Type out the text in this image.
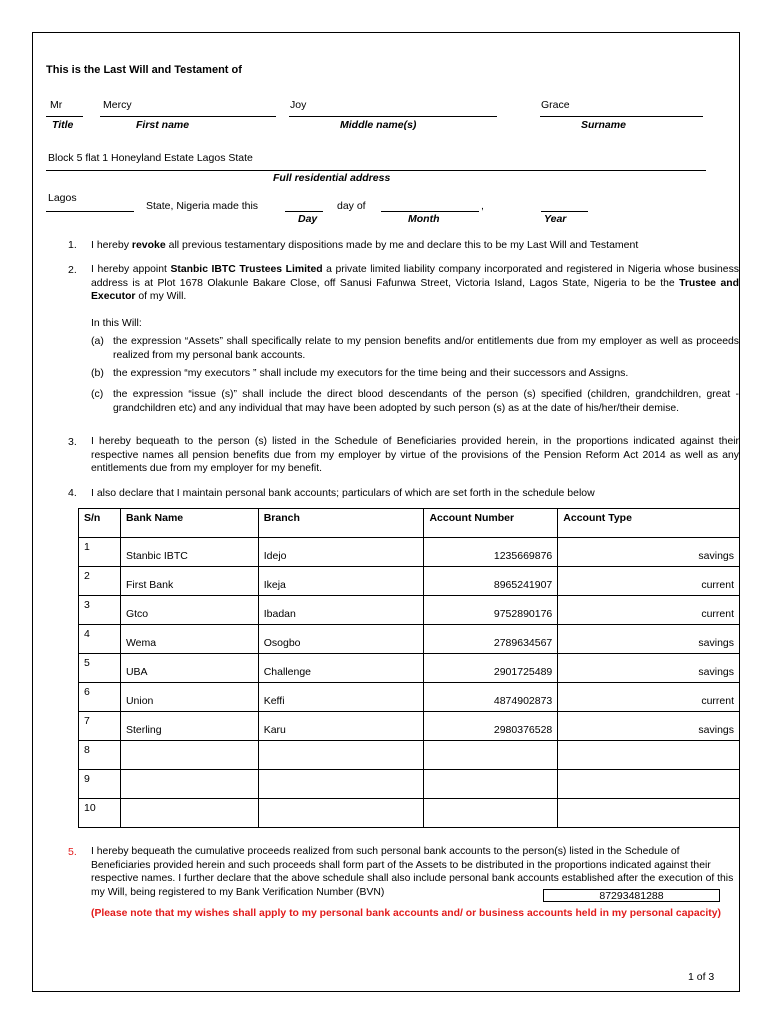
This is the Last Will and Testament of
Mr	Mercy	Joy	Grace
Title	First name	Middle name(s)	Surname
Block 5 flat 1 Honeyland Estate Lagos State
Full residential address
Lagos
State, Nigeria made this	day of	,
Day	Month	Year
1. I hereby revoke all previous testamentary dispositions made by me and declare this to be my Last Will and Testament
2. I hereby appoint Stanbic IBTC Trustees Limited a private limited liability company incorporated and registered in Nigeria whose business address is at Plot 1678 Olakunle Bakare Close, off Sanusi Fafunwa Street, Victoria Island, Lagos State, Nigeria to be the Trustee and Executor of my Will.
In this Will:
(a) the expression “Assets” shall specifically relate to my pension benefits and/or entitlements due from my employer as well as proceeds realized from my personal bank accounts.
(b) the expression “my executors ” shall include my executors for the time being and their successors and Assigns.
(c) the expression “issue (s)” shall include the direct blood descendants of the person (s) specified (children, grandchildren, great - grandchildren etc) and any individual that may have been adopted by such person (s) as at the date of his/her/their demise.
3. I hereby bequeath to the person (s) listed in the Schedule of Beneficiaries provided herein, in the proportions indicated against their respective names all pension benefits due from my employer by virtue of the provisions of the Pension Reform Act 2014 as well as any entitlements due from my employer for my benefit.
4. I also declare that I maintain personal bank accounts; particulars of which are set forth in the schedule below
S/n	Bank Name	Branch	Account Number	Account Type
1	Stanbic IBTC	Idejo	1235669876	savings
2	First Bank	Ikeja	8965241907	current
3	Gtco	Ibadan	9752890176	current
4	Wema	Osogbo	2789634567	savings
5	UBA	Challenge	2901725489	savings
6	Union	Keffi	4874902873	current
7	Sterling	Karu	2980376528	savings
8				
9				
10				
5. I hereby bequeath the cumulative proceeds realized from such personal bank accounts to the person(s) listed in the Schedule of Beneficiaries provided herein and such proceeds shall form part of the Assets to be distributed in the proportions indicated against their respective names. I further declare that the above schedule shall also include personal bank accounts established after the execution of this my Will, being registered to my Bank Verification Number (BVN)	87293481288
(Please note that my wishes shall apply to my personal bank accounts and/ or business accounts held in my personal capacity)
1 of 3
